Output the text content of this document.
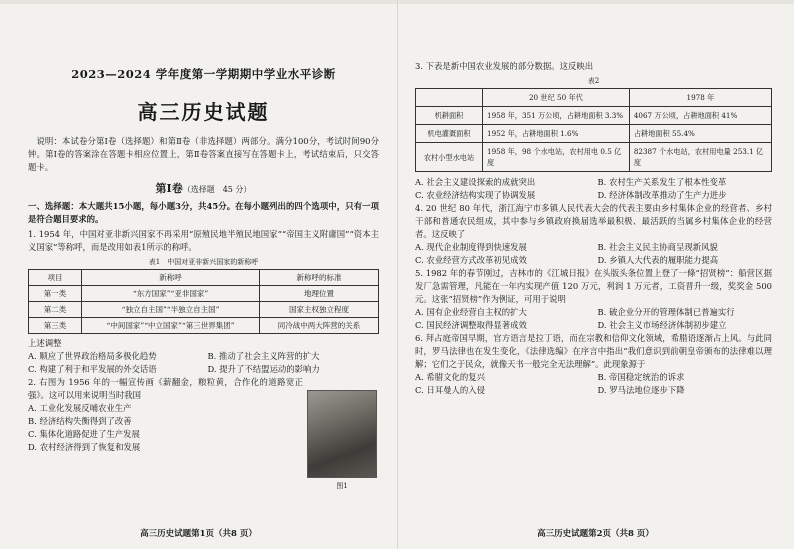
2023—2024 学年度第一学期期中学业水平诊断
高三历史试题

说明：本试卷分第Ⅰ卷（选择题）和第Ⅱ卷（非选择题）两部分。满分100分，考试时间90分钟。第Ⅰ卷的答案涂在答题卡相应位置上，第Ⅱ卷答案直接写在答题卡上，考试结束后，只交答题卡。

第Ⅰ卷（选择题　45 分）

一、选择题：本大题共15小题，每小题3分，共45分。在每小题列出的四个选项中，只有一项是符合题目要求的。

1. 1954 年，中国对亚非新兴国家不再采用“原殖民地半殖民地国家”“帝国主义附庸国”“资本主义国家”等称呼，而是改用如表1所示的称呼。

表1　中国对亚非新兴国家的新称呼
项目	新称呼	新称呼的标准
第一类	“东方国家”“亚非国家”	地理位置
第二类	“独立自主国”“半独立自主国”	国家主权独立程度
第三类	“中间国家”“中立国家”“第三世界集团”	同冷战中两大阵营的关系

上述调整

A. 顺应了世界政治格局多极化趋势	B. 推动了社会主义阵营的扩大

C. 构建了利于和平发展的外交话语	D. 提升了不结盟运动的影响力

2. 右图为 1956 年的一幅宣传画《薪翻金，粮粒黄，合作化的道路宽正强》。这可以用来说明当时我国

A. 工业化发展反哺农业生产

B. 经济结构失衡得到了改善

C. 集体化道路促进了生产发展

D. 农村经济得到了恢复和发展

图1
高三历史试题第1页（共8 页）

3. 下表是新中国农业发展的部分数据。这反映出

表2
	20 世纪 50 年代	1978 年
机耕面积	1958 年，351 万公顷，占耕地面积 3.3%	4067 万公顷，占耕地面积 41%
机电灌溉面积	1952 年，占耕地面积 1.6%	占耕地面积 55.4%
农村小型水电站	1958 年，98 个水电站，农村用电 0.5 亿度	82387 个水电站，农村用电量 253.1 亿度

A. 社会主义建设探索的成就突出	B. 农村生产关系发生了根本性变革

C. 农业经济结构实现了协调发展	D. 经济体制改革推动了生产力进步

4. 20 世纪 80 年代，浙江海宁市多镇人民代表大会的代表主要由乡村集体企业的经营者、乡村干部和普通农民组成，其中参与乡镇政府换届选举最积极、最活跃的当属乡村集体企业的经营者。这反映了

A. 现代企业制度得到快速发展	B. 社会主义民主协商呈现新风貌

C. 农业经营方式改革初见成效	D. 乡镇人大代表的履职能力提高

5. 1982 年的春节刚过，吉林市的《江城日报》在头版头条位置上登了一條“招贤榜”：船营区据发厂急需管理，凡能在一年内实现产值 120 万元，利润 1 万元者，工资晋升一级，奖奖金 500 元。这张“招贤榜”作为例证，可用于说明

A. 国有企业经营自主权的扩大	B. 破企业分开的管理体制已普遍实行

C. 国民经济调整取得显著成效	D. 社会主义市场经济体制初步建立

6. 拜占庭帝国早期，官方语言是拉丁语，而在宗教和信仰文化领域，希腊语逐渐占上风。与此同时，罗马法律也在发生变化，《法律选编》在序言中指出“我们意识到前朝皇帝颁布的法律难以理解；它们之于民众，就像天书一般完全无法理解”。此现象源于

A. 希腊文化的复兴	B. 帝国稳定统治的诉求

C. 日耳曼人的入侵	D. 罗马法地位逐步下降

高三历史试题第2页（共8 页）
